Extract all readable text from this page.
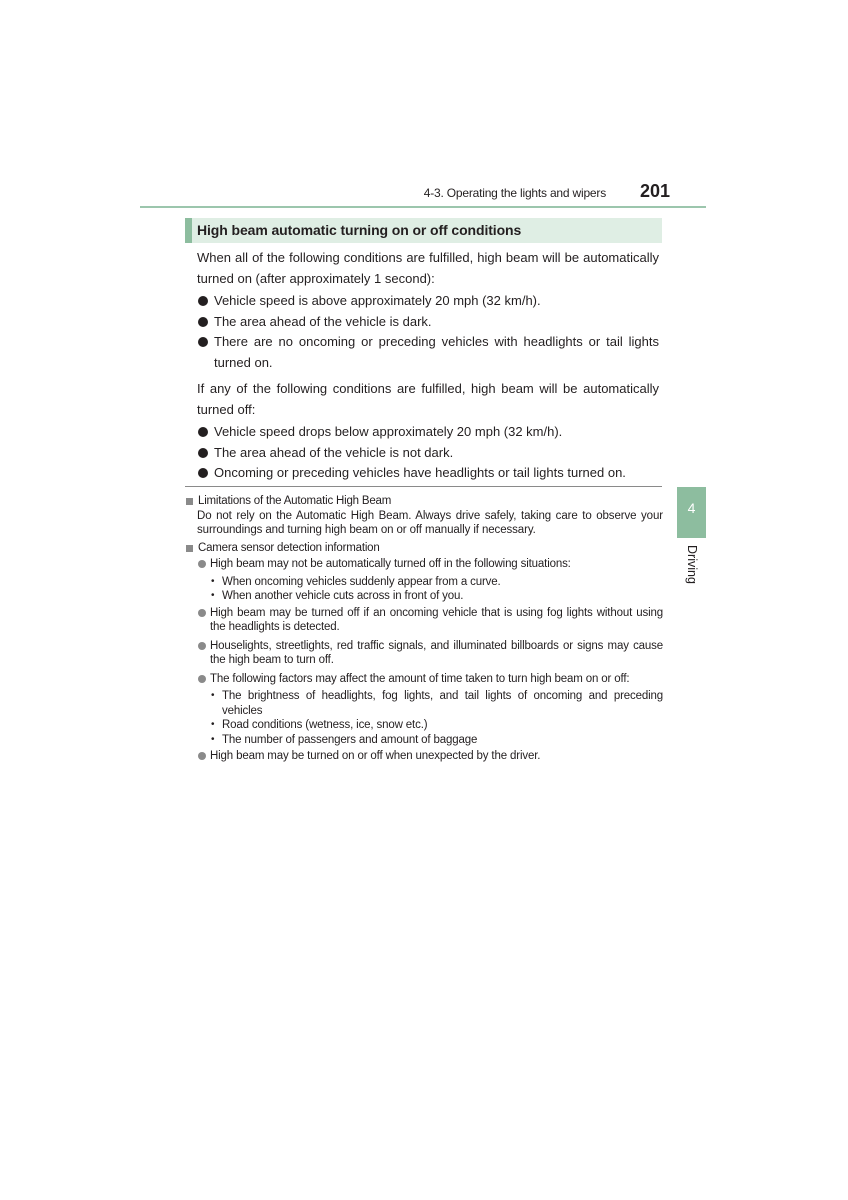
4-3. Operating the lights and wipers 201
High beam automatic turning on or off conditions

When all of the following conditions are fulfilled, high beam will be automatically turned on (after approximately 1 second):

Vehicle speed is above approximately 20 mph (32 km/h).
The area ahead of the vehicle is dark.
There are no oncoming or preceding vehicles with headlights or tail lights turned on.

If any of the following conditions are fulfilled, high beam will be automatically turned off:

Vehicle speed drops below approximately 20 mph (32 km/h).
The area ahead of the vehicle is not dark.
Oncoming or preceding vehicles have headlights or tail lights turned on.
Limitations of the Automatic High Beam
Do not rely on the Automatic High Beam. Always drive safely, taking care to observe your surroundings and turning high beam on or off manually if necessary.
Camera sensor detection information
High beam may not be automatically turned off in the following situations:
• When oncoming vehicles suddenly appear from a curve.
• When another vehicle cuts across in front of you.
High beam may be turned off if an oncoming vehicle that is using fog lights without using the headlights is detected.
Houselights, streetlights, red traffic signals, and illuminated billboards or signs may cause the high beam to turn off.
The following factors may affect the amount of time taken to turn high beam on or off:
• The brightness of headlights, fog lights, and tail lights of oncoming and preceding vehicles
• Road conditions (wetness, ice, snow etc.)
• The number of passengers and amount of baggage
High beam may be turned on or off when unexpected by the driver.
4
Driving
